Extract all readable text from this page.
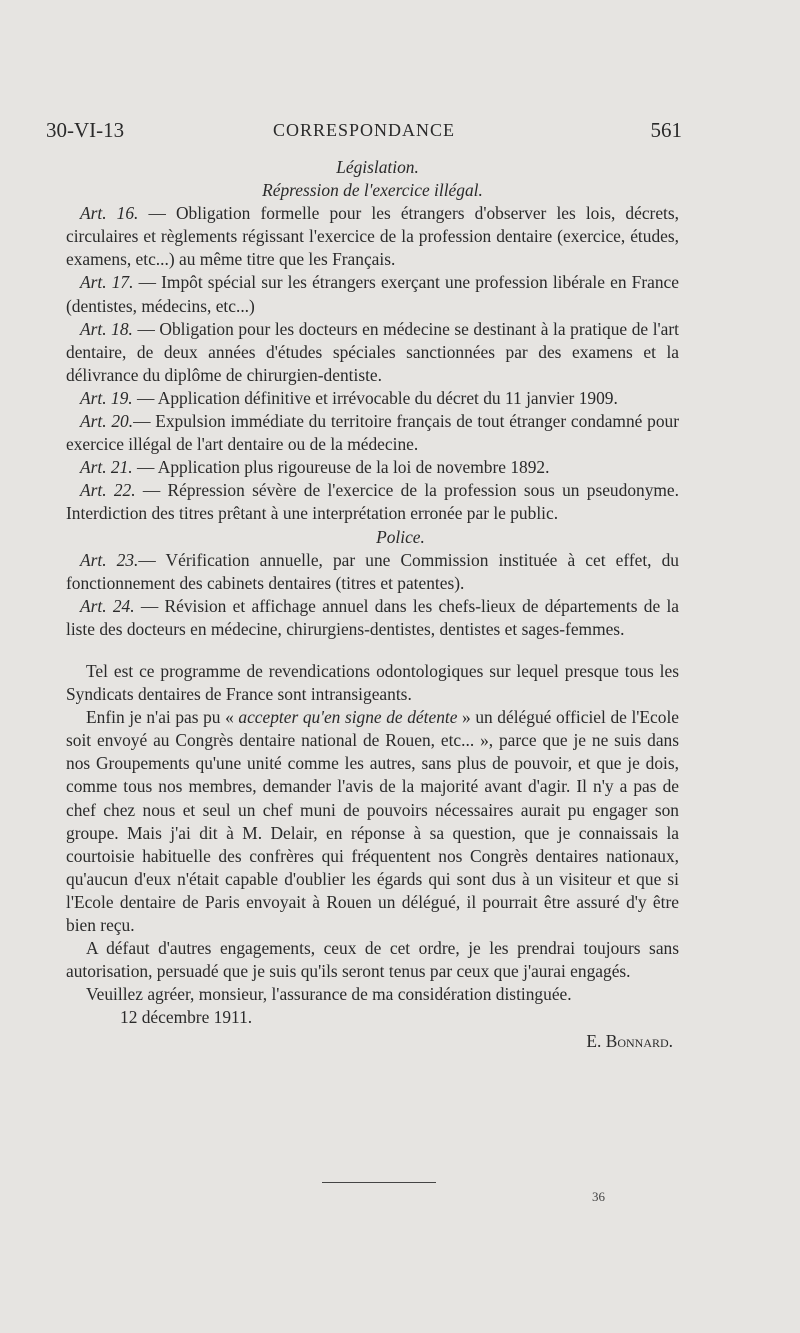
30-VI-13	CORRESPONDANCE	561
Législation.
Répression de l'exercice illégal.

Art. 16. — Obligation formelle pour les étrangers d'observer les lois, décrets, circulaires et règlements régissant l'exercice de la profession dentaire (exercice, études, examens, etc...) au même titre que les Français.

Art. 17. — Impôt spécial sur les étrangers exerçant une profession libérale en France (dentistes, médecins, etc...)

Art. 18. — Obligation pour les docteurs en médecine se destinant à la pratique de l'art dentaire, de deux années d'études spéciales sanctionnées par des examens et la délivrance du diplôme de chirurgien-dentiste.

Art. 19. — Application définitive et irrévocable du décret du 11 janvier 1909.

Art. 20.— Expulsion immédiate du territoire français de tout étranger condamné pour exercice illégal de l'art dentaire ou de la médecine.

Art. 21. — Application plus rigoureuse de la loi de novembre 1892.

Art. 22. — Répression sévère de l'exercice de la profession sous un pseudonyme. Interdiction des titres prêtant à une interprétation erronée par le public.

Police.

Art. 23.— Vérification annuelle, par une Commission instituée à cet effet, du fonctionnement des cabinets dentaires (titres et patentes).

Art. 24. — Révision et affichage annuel dans les chefs-lieux de départements de la liste des docteurs en médecine, chirurgiens-dentistes, dentistes et sages-femmes.

Tel est ce programme de revendications odontologiques sur lequel presque tous les Syndicats dentaires de France sont intransigeants.

Enfin je n'ai pas pu « accepter qu'en signe de détente » un délégué officiel de l'Ecole soit envoyé au Congrès dentaire national de Rouen, etc... », parce que je ne suis dans nos Groupements qu'une unité comme les autres, sans plus de pouvoir, et que je dois, comme tous nos membres, demander l'avis de la majorité avant d'agir. Il n'y a pas de chef chez nous et seul un chef muni de pouvoirs nécessaires aurait pu engager son groupe. Mais j'ai dit à M. Delair, en réponse à sa question, que je connaissais la courtoisie habituelle des confrères qui fréquentent nos Congrès dentaires nationaux, qu'aucun d'eux n'était capable d'oublier les égards qui sont dus à un visiteur et que si l'Ecole dentaire de Paris envoyait à Rouen un délégué, il pourrait être assuré d'y être bien reçu.

A défaut d'autres engagements, ceux de cet ordre, je les prendrai toujours sans autorisation, persuadé que je suis qu'ils seront tenus par ceux que j'aurai engagés.

Veuillez agréer, monsieur, l'assurance de ma considération distinguée.

12 décembre 1911.

E. Bonnard.

36
